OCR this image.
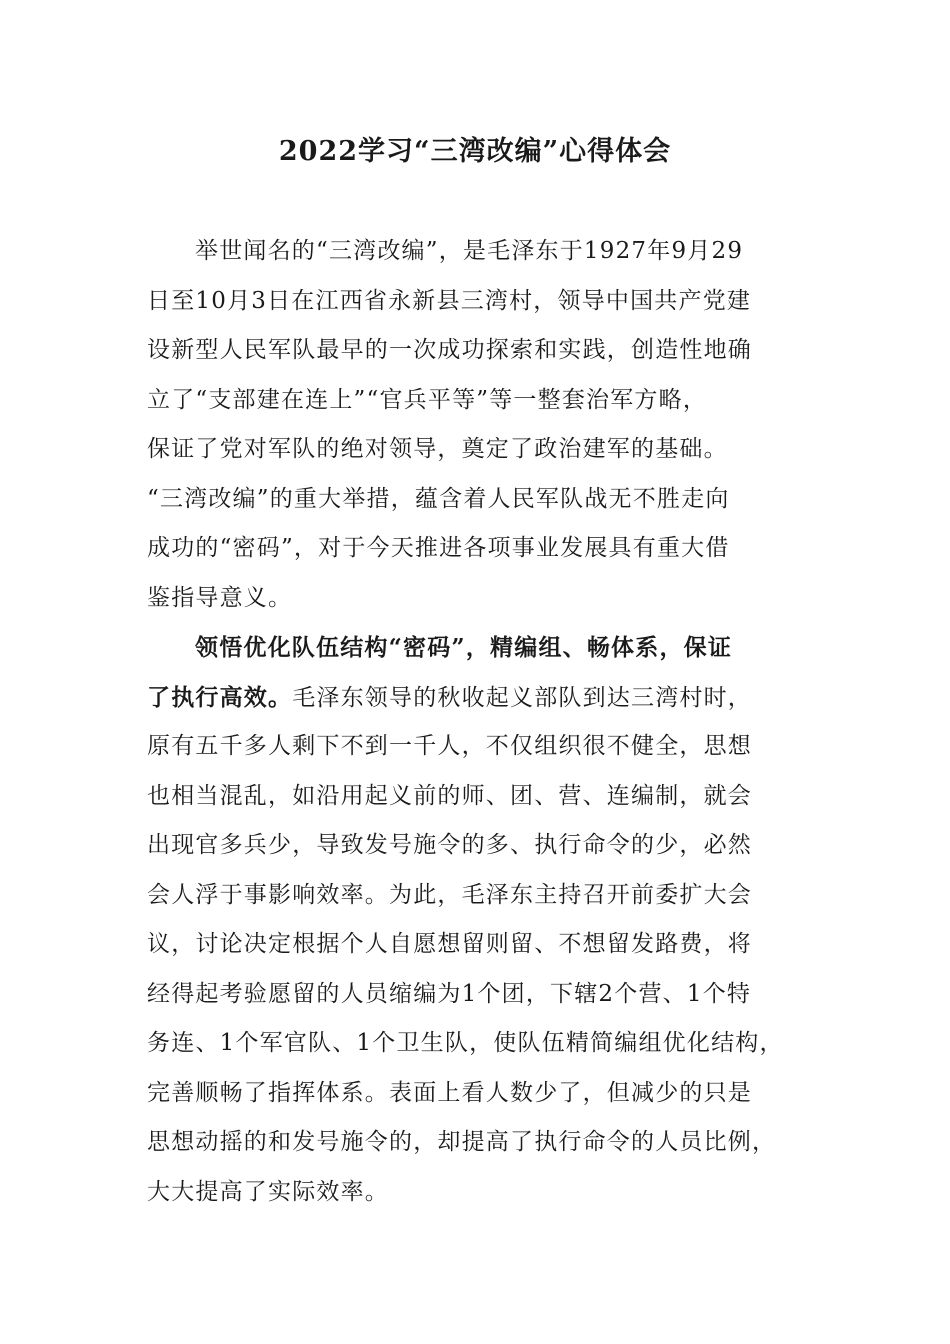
2022学习“三湾改编”心得体会
举世闻名的“三湾改编”，是毛泽东于1927年9月29
日至10月3日在江西省永新县三湾村，领导中国共产党建
设新型人民军队最早的一次成功探索和实践，创造性地确
立了“支部建在连上”“官兵平等”等一整套治军方略，
保证了党对军队的绝对领导，奠定了政治建军的基础。
“三湾改编”的重大举措，蕴含着人民军队战无不胜走向
成功的“密码”，对于今天推进各项事业发展具有重大借
鉴指导意义。
领悟优化队伍结构“密码”，精编组、畅体系，保证
了执行高效。毛泽东领导的秋收起义部队到达三湾村时，
原有五千多人剩下不到一千人，不仅组织很不健全，思想
也相当混乱，如沿用起义前的师、团、营、连编制，就会
出现官多兵少，导致发号施令的多、执行命令的少，必然
会人浮于事影响效率。为此，毛泽东主持召开前委扩大会
议，讨论决定根据个人自愿想留则留、不想留发路费，将
经得起考验愿留的人员缩编为1个团，下辖2个营、1个特
务连、1个军官队、1个卫生队，使队伍精简编组优化结构，
完善顺畅了指挥体系。表面上看人数少了，但减少的只是
思想动摇的和发号施令的，却提高了执行命令的人员比例，
大大提高了实际效率。
